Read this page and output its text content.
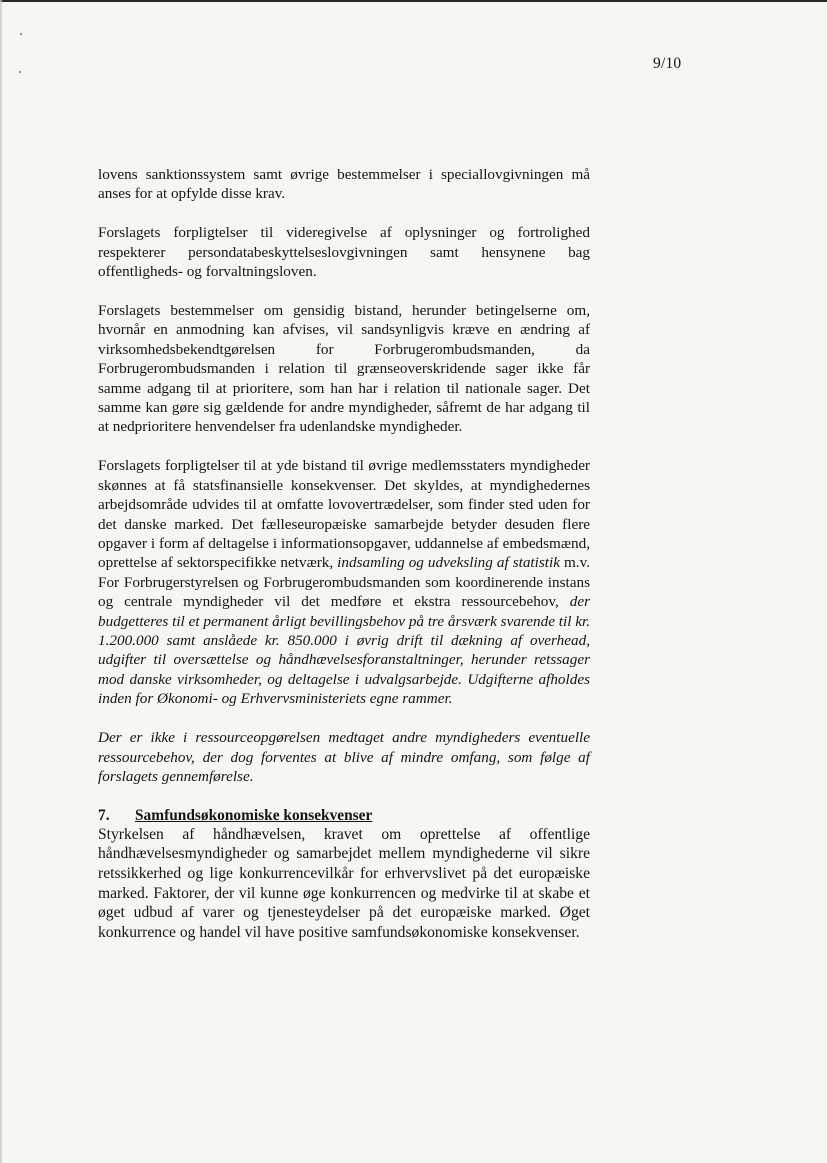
9/10

lovens sanktionssystem samt øvrige bestemmelser i speciallovgivningen må anses for at opfylde disse krav.

Forslagets forpligtelser til videregivelse af oplysninger og fortrolighed respekterer persondatabeskyttelseslovgivningen samt hensynene bag offentligheds- og forvaltningsloven.

Forslagets bestemmelser om gensidig bistand, herunder betingelserne om, hvornår en anmodning kan afvises, vil sandsynligvis kræve en ændring af virksomhedsbekendtgørelsen for Forbrugerombudsmanden, da Forbrugerombudsmanden i relation til grænseoverskridende sager ikke får samme adgang til at prioritere, som han har i relation til nationale sager. Det samme kan gøre sig gældende for andre myndigheder, såfremt de har adgang til at nedprioritere henvendelser fra udenlandske myndigheder.

Forslagets forpligtelser til at yde bistand til øvrige medlemsstaters myndigheder skønnes at få statsfinansielle konsekvenser. Det skyldes, at myndighedernes arbejdsområde udvides til at omfatte lovovertrædelser, som finder sted uden for det danske marked. Det fælleseuropæiske samarbejde betyder desuden flere opgaver i form af deltagelse i informationsopgaver, uddannelse af embedsmænd, oprettelse af sektorspecifikke netværk, indsamling og udveksling af statistik m.v. For Forbrugerstyrelsen og Forbrugerombudsmanden som koordinerende instans og centrale myndigheder vil det medføre et ekstra ressourcebehov, der budgetteres til et permanent årligt bevillingsbehov på tre årsværk svarende til kr. 1.200.000 samt anslåede kr. 850.000 i øvrig drift til dækning af overhead, udgifter til oversættelse og håndhævelsesforanstaltninger, herunder retssager mod danske virksomheder, og deltagelse i udvalgsarbejde. Udgifterne afholdes inden for Økonomi- og Erhvervsministeriets egne rammer.

Der er ikke i ressourceopgørelsen medtaget andre myndigheders eventuelle ressourcebehov, der dog forventes at blive af mindre omfang, som følge af forslagets gennemførelse.

7.	Samfundsøkonomiske konsekvenser

Styrkelsen af håndhævelsen, kravet om oprettelse af offentlige håndhævelsesmyndigheder og samarbejdet mellem myndighederne vil sikre retssikkerhed og lige konkurrencevilkår for erhvervslivet på det europæiske marked. Faktorer, der vil kunne øge konkurrencen og medvirke til at skabe et øget udbud af varer og tjenesteydelser på det europæiske marked. Øget konkurrence og handel vil have positive samfundsøkonomiske konsekvenser.
